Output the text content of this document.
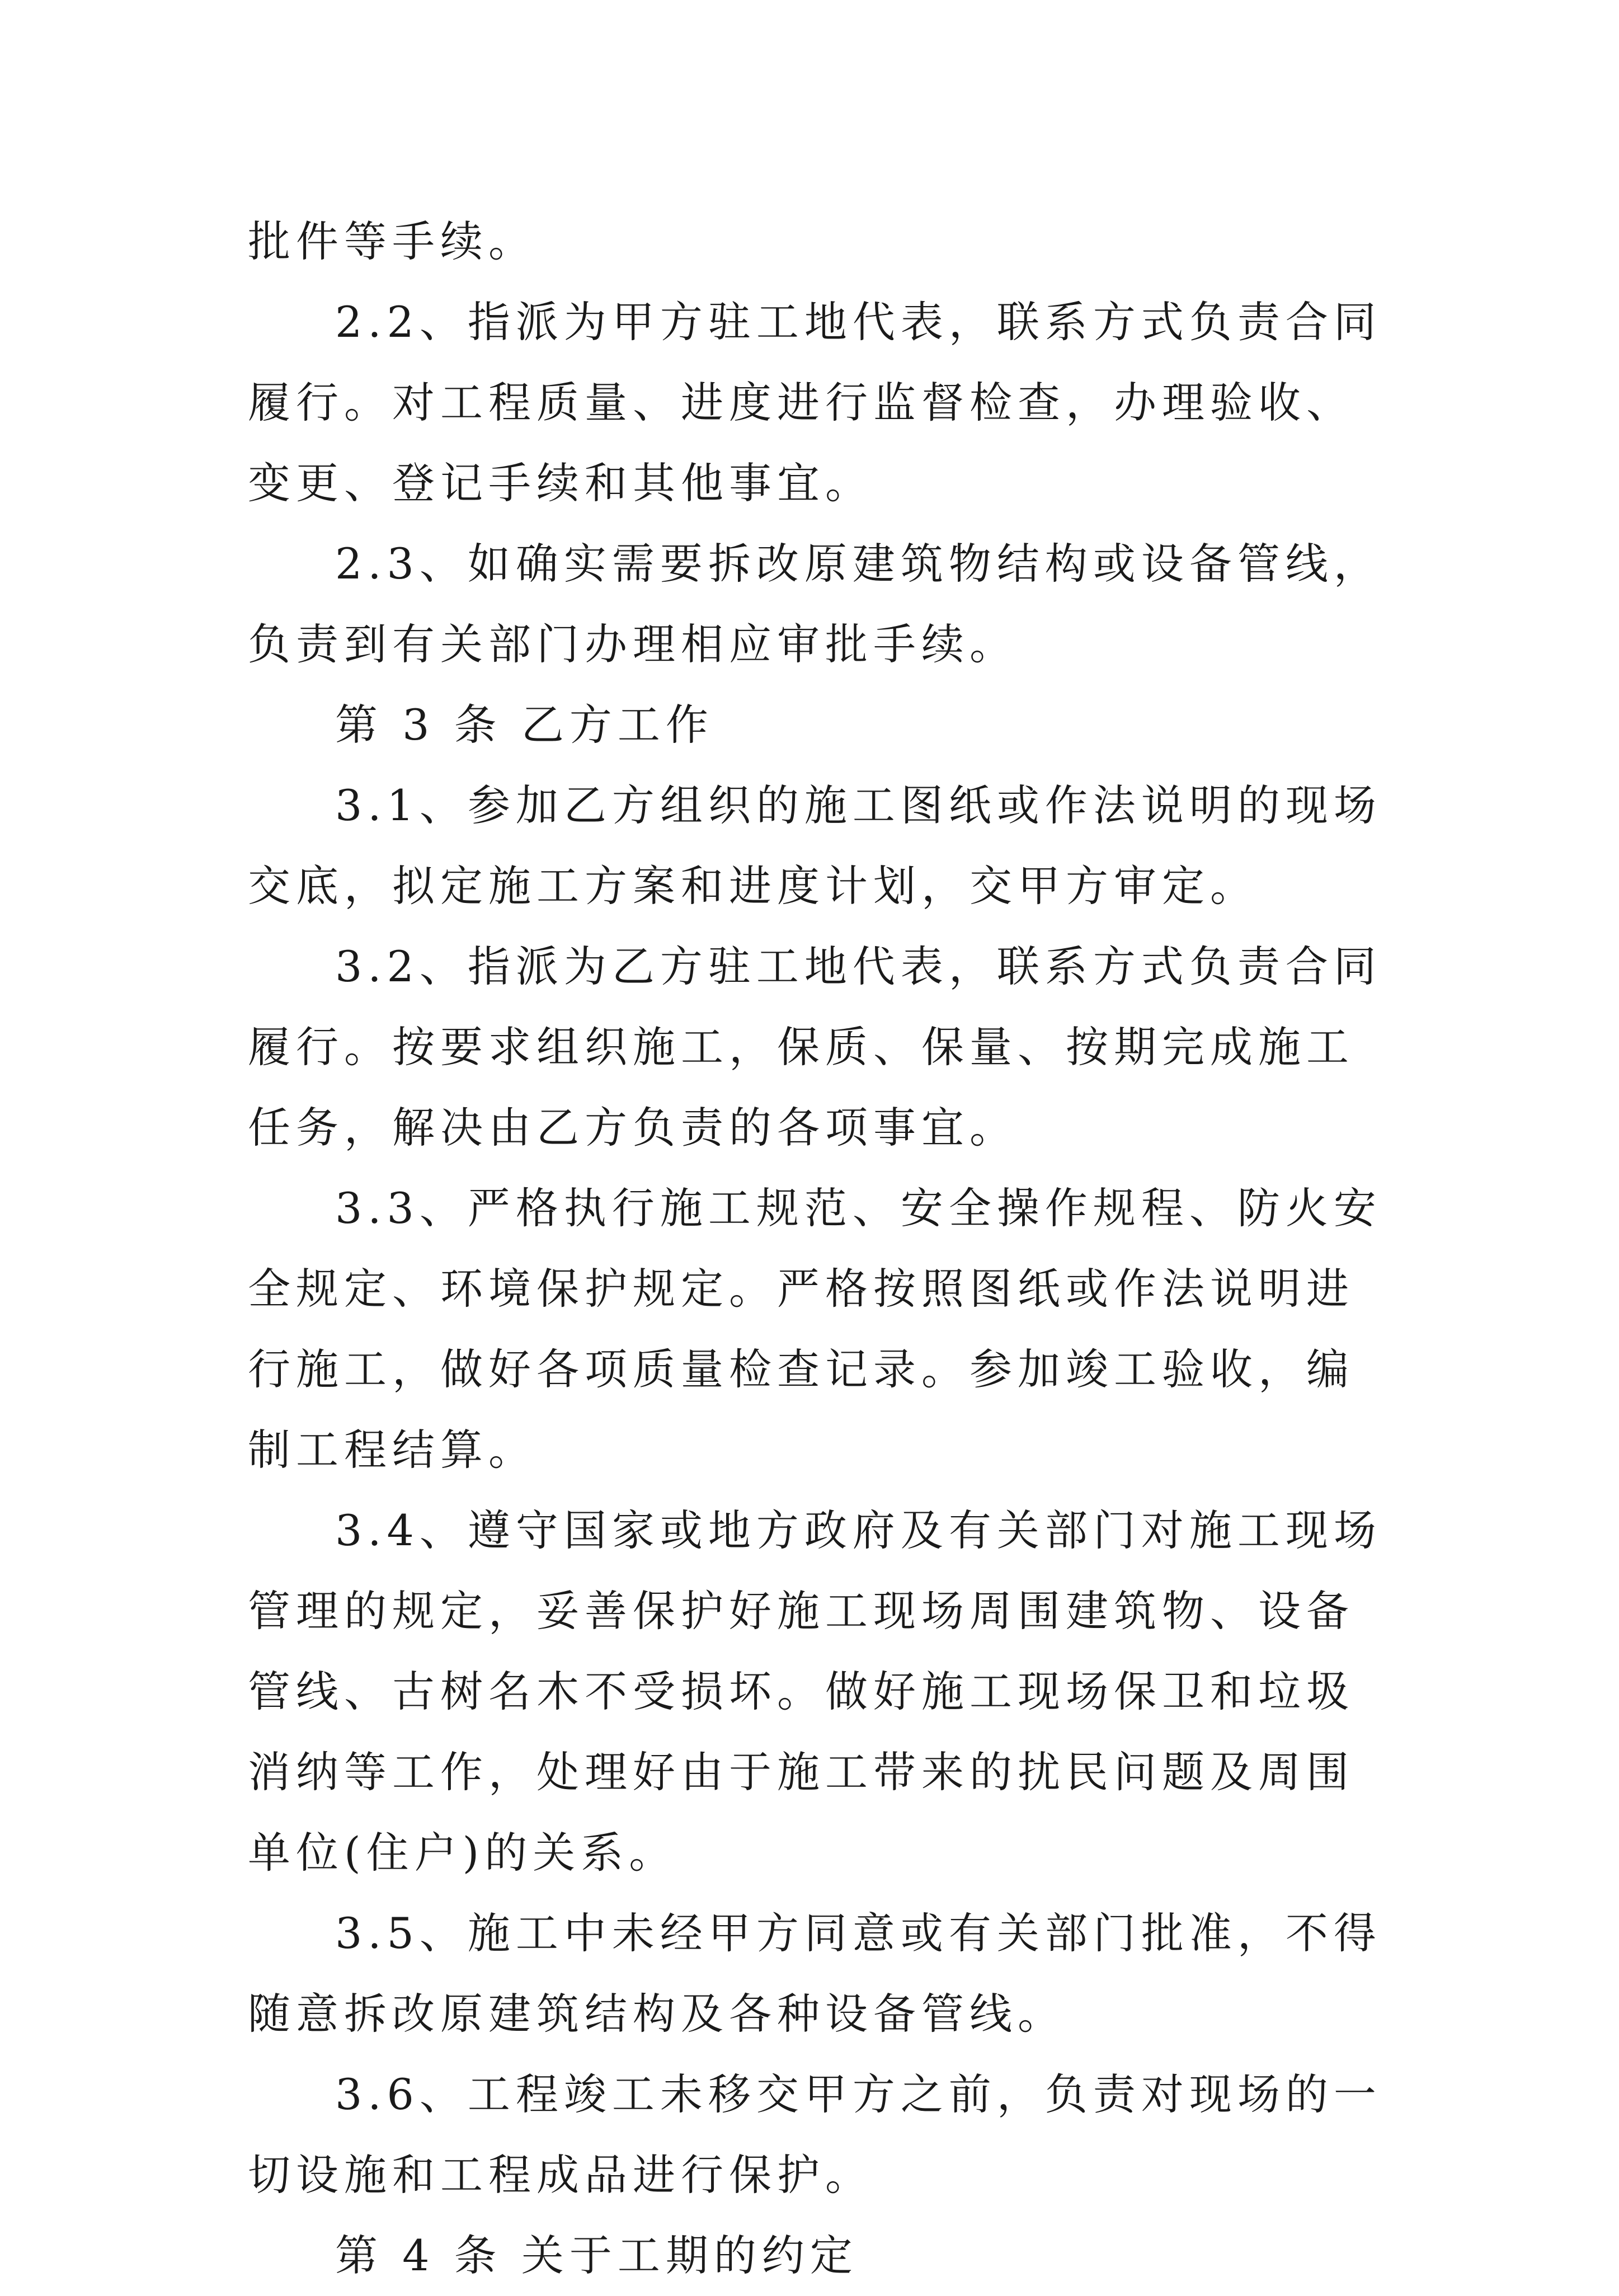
批件等手续。

2.2、指派为甲方驻工地代表，联系方式负责合同履行。对工程质量、进度进行监督检查，办理验收、变更、登记手续和其他事宜。

2.3、如确实需要拆改原建筑物结构或设备管线，负责到有关部门办理相应审批手续。

第 3 条 乙方工作

3.1、参加乙方组织的施工图纸或作法说明的现场交底，拟定施工方案和进度计划，交甲方审定。

3.2、指派为乙方驻工地代表，联系方式负责合同履行。按要求组织施工，保质、保量、按期完成施工任务，解决由乙方负责的各项事宜。

3.3、严格执行施工规范、安全操作规程、防火安全规定、环境保护规定。严格按照图纸或作法说明进行施工，做好各项质量检查记录。参加竣工验收，编制工程结算。

3.4、遵守国家或地方政府及有关部门对施工现场管理的规定，妥善保护好施工现场周围建筑物、设备管线、古树名木不受损坏。做好施工现场保卫和垃圾消纳等工作，处理好由于施工带来的扰民问题及周围单位(住户)的关系。

3.5、施工中未经甲方同意或有关部门批准，不得随意拆改原建筑结构及各种设备管线。

3.6、工程竣工未移交甲方之前，负责对现场的一切设施和工程成品进行保护。

第 4 条 关于工期的约定
